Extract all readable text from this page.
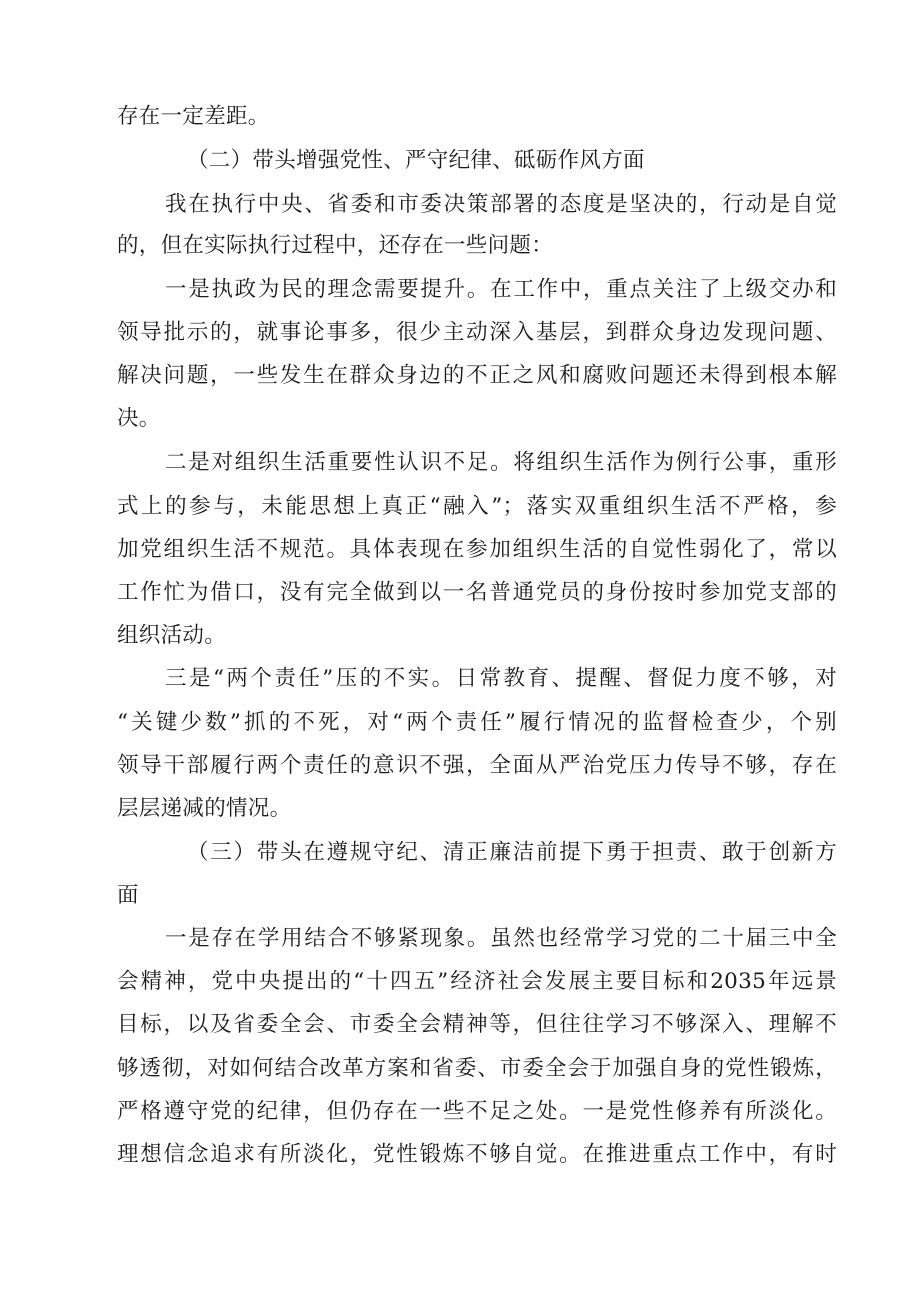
存在一定差距。
（二）带头增强党性、严守纪律、砥砺作风方面
我在执行中央、省委和市委决策部署的态度是坚决的，行动是自觉
的，但在实际执行过程中，还存在一些问题：
一是执政为民的理念需要提升。在工作中，重点关注了上级交办和
领导批示的，就事论事多，很少主动深入基层，到群众身边发现问题、
解决问题，一些发生在群众身边的不正之风和腐败问题还未得到根本解
决。
二是对组织生活重要性认识不足。将组织生活作为例行公事，重形
式上的参与，未能思想上真正“融入”；落实双重组织生活不严格，参
加党组织生活不规范。具体表现在参加组织生活的自觉性弱化了，常以
工作忙为借口，没有完全做到以一名普通党员的身份按时参加党支部的
组织活动。
三是“两个责任”压的不实。日常教育、提醒、督促力度不够，对
“关键少数”抓的不死，对“两个责任”履行情况的监督检查少，个别
领导干部履行两个责任的意识不强，全面从严治党压力传导不够，存在
层层递减的情况。
（三）带头在遵规守纪、清正廉洁前提下勇于担责、敢于创新方
面
一是存在学用结合不够紧现象。虽然也经常学习党的二十届三中全
会精神，党中央提出的“十四五”经济社会发展主要目标和2035年远景
目标，以及省委全会、市委全会精神等，但往往学习不够深入、理解不
够透彻，对如何结合改革方案和省委、市委全会于加强自身的党性锻炼，
严格遵守党的纪律，但仍存在一些不足之处。一是党性修养有所淡化。
理想信念追求有所淡化，党性锻炼不够自觉。在推进重点工作中，有时
